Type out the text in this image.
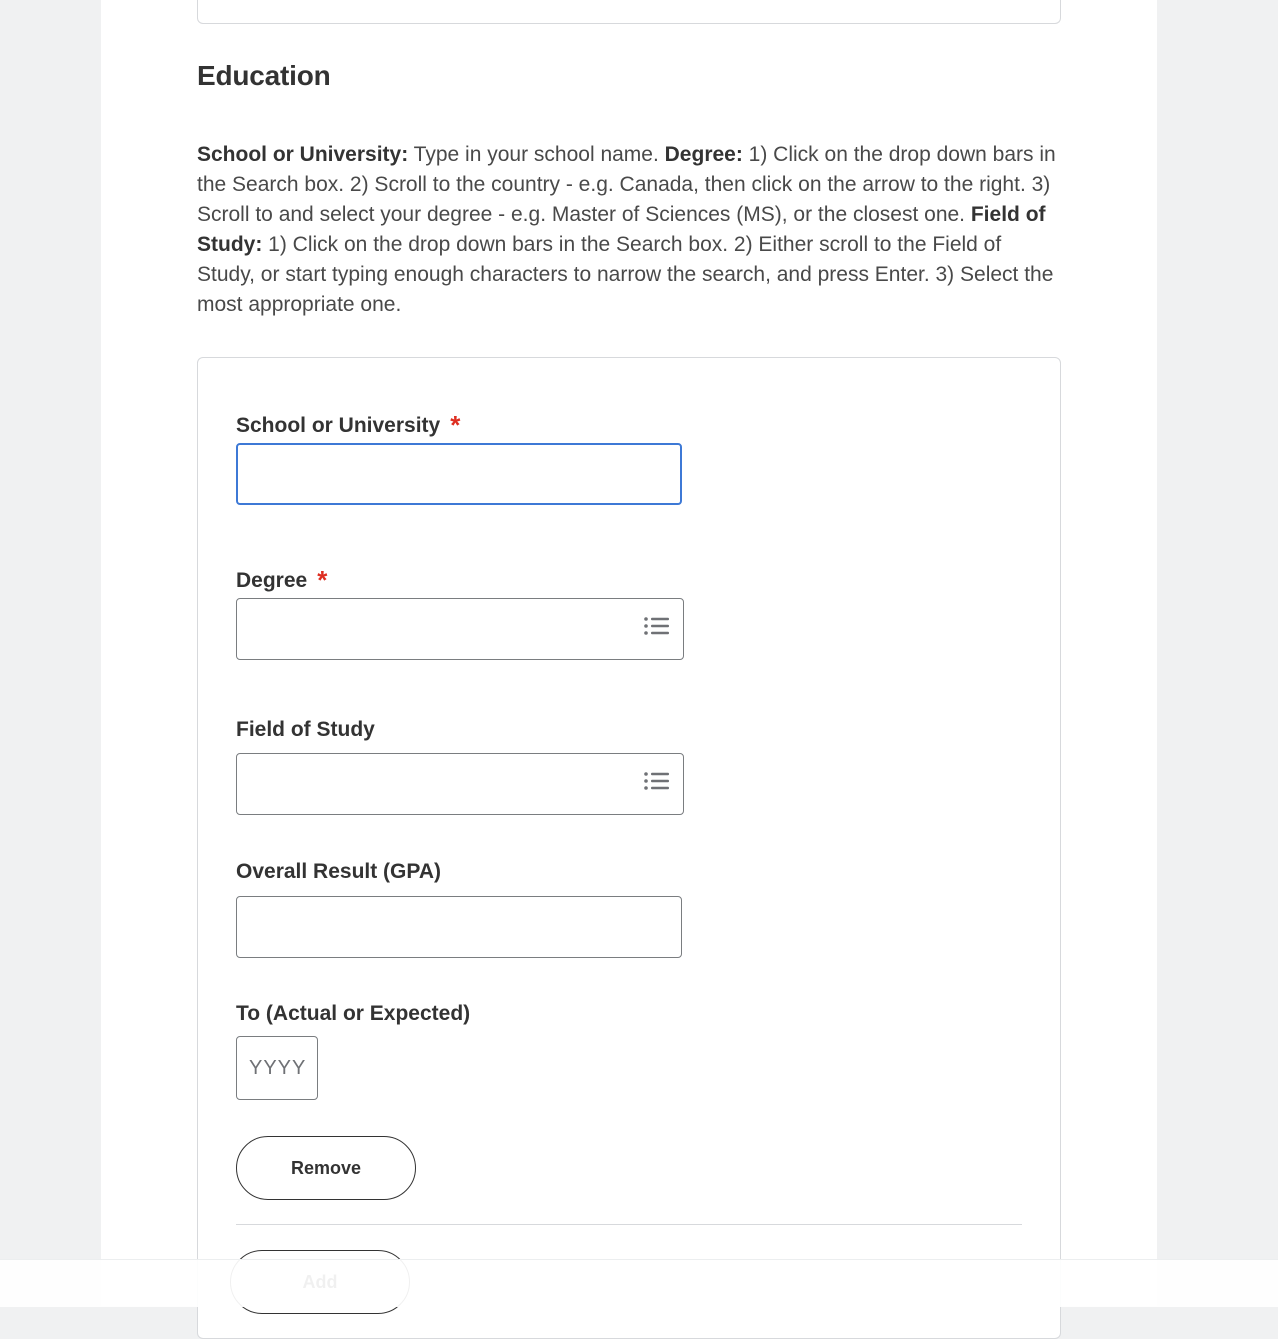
Education

School or University: Type in your school name. Degree: 1) Click on the drop down bars in the Search box. 2) Scroll to the country - e.g. Canada, then click on the arrow to the right. 3) Scroll to and select your degree - e.g. Master of Sciences (MS), or the closest one. Field of Study: 1) Click on the drop down bars in the Search box. 2) Either scroll to the Field of Study, or start typing enough characters to narrow the search, and press Enter. 3) Select the most appropriate one.

School or University *
Degree *
Field of Study
Overall Result (GPA)
To (Actual or Expected)
YYYY
Remove
